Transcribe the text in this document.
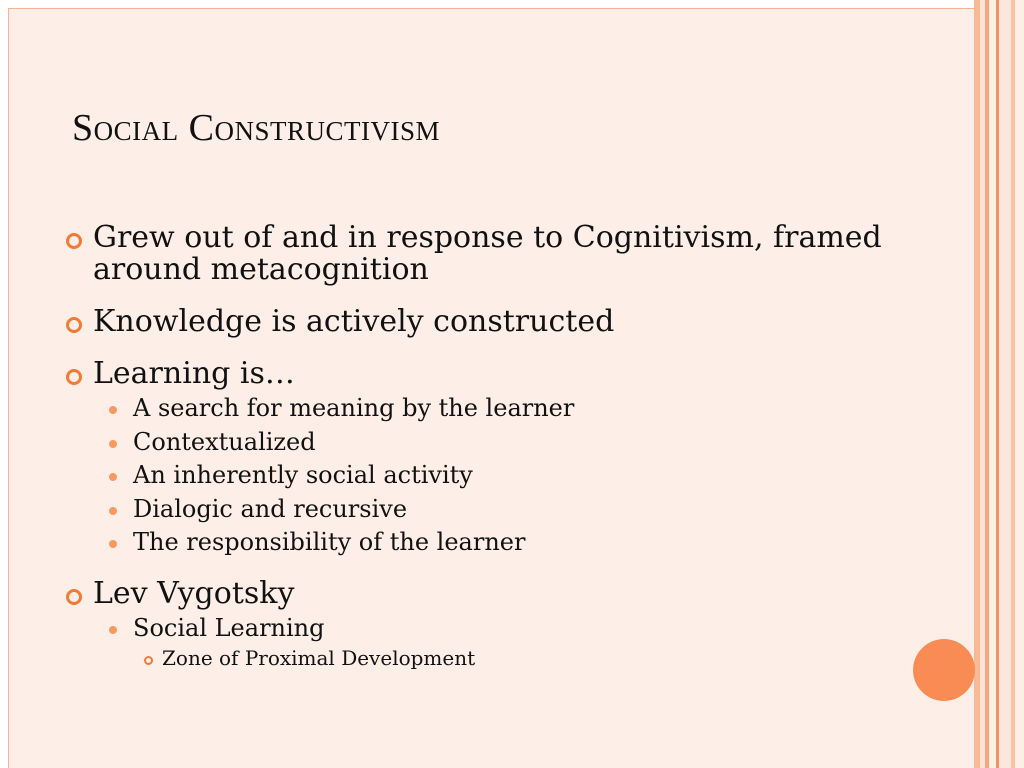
Social Constructivism
Grew out of and in response to Cognitivism, framed around metacognition
Knowledge is actively constructed
Learning is…
A search for meaning by the learner
Contextualized
An inherently social activity
Dialogic and recursive
The responsibility of the learner
Lev Vygotsky
Social Learning
Zone of Proximal Development
